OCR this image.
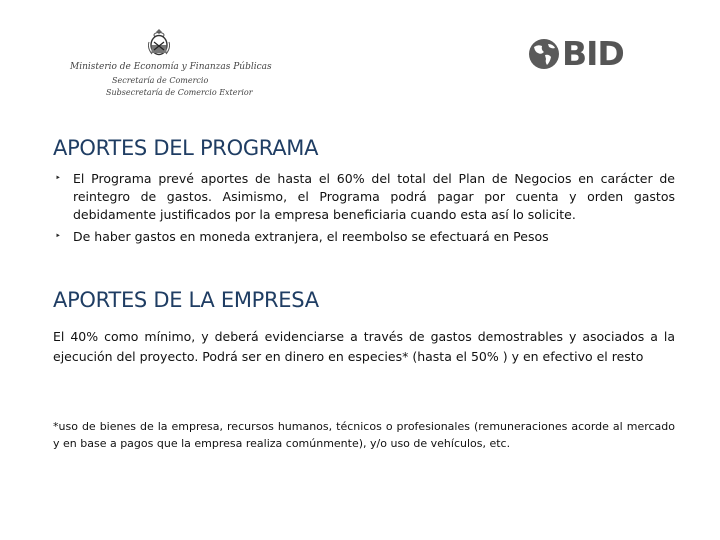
Ministerio de Economía y Finanzas Públicas
Secretaría de Comercio
Subsecretaría de Comercio Exterior
BID
APORTES DEL PROGRAMA
‣ El Programa prevé aportes de hasta el 60% del total del Plan de Negocios en carácter de reintegro de gastos. Asimismo, el Programa podrá pagar por cuenta y orden gastos debidamente justificados por la empresa beneficiaria cuando esta así lo solicite.
‣ De haber gastos en moneda extranjera, el reembolso se efectuará en Pesos
APORTES DE LA EMPRESA

El 40% como mínimo, y deberá evidenciarse a través de gastos demostrables y asociados a la ejecución del proyecto. Podrá ser en dinero en especies* (hasta el 50% ) y en efectivo el resto

*uso de bienes de la empresa, recursos humanos, técnicos o profesionales (remuneraciones acorde al mercado y en base a pagos que la empresa realiza comúnmente), y/o uso de vehículos, etc.
